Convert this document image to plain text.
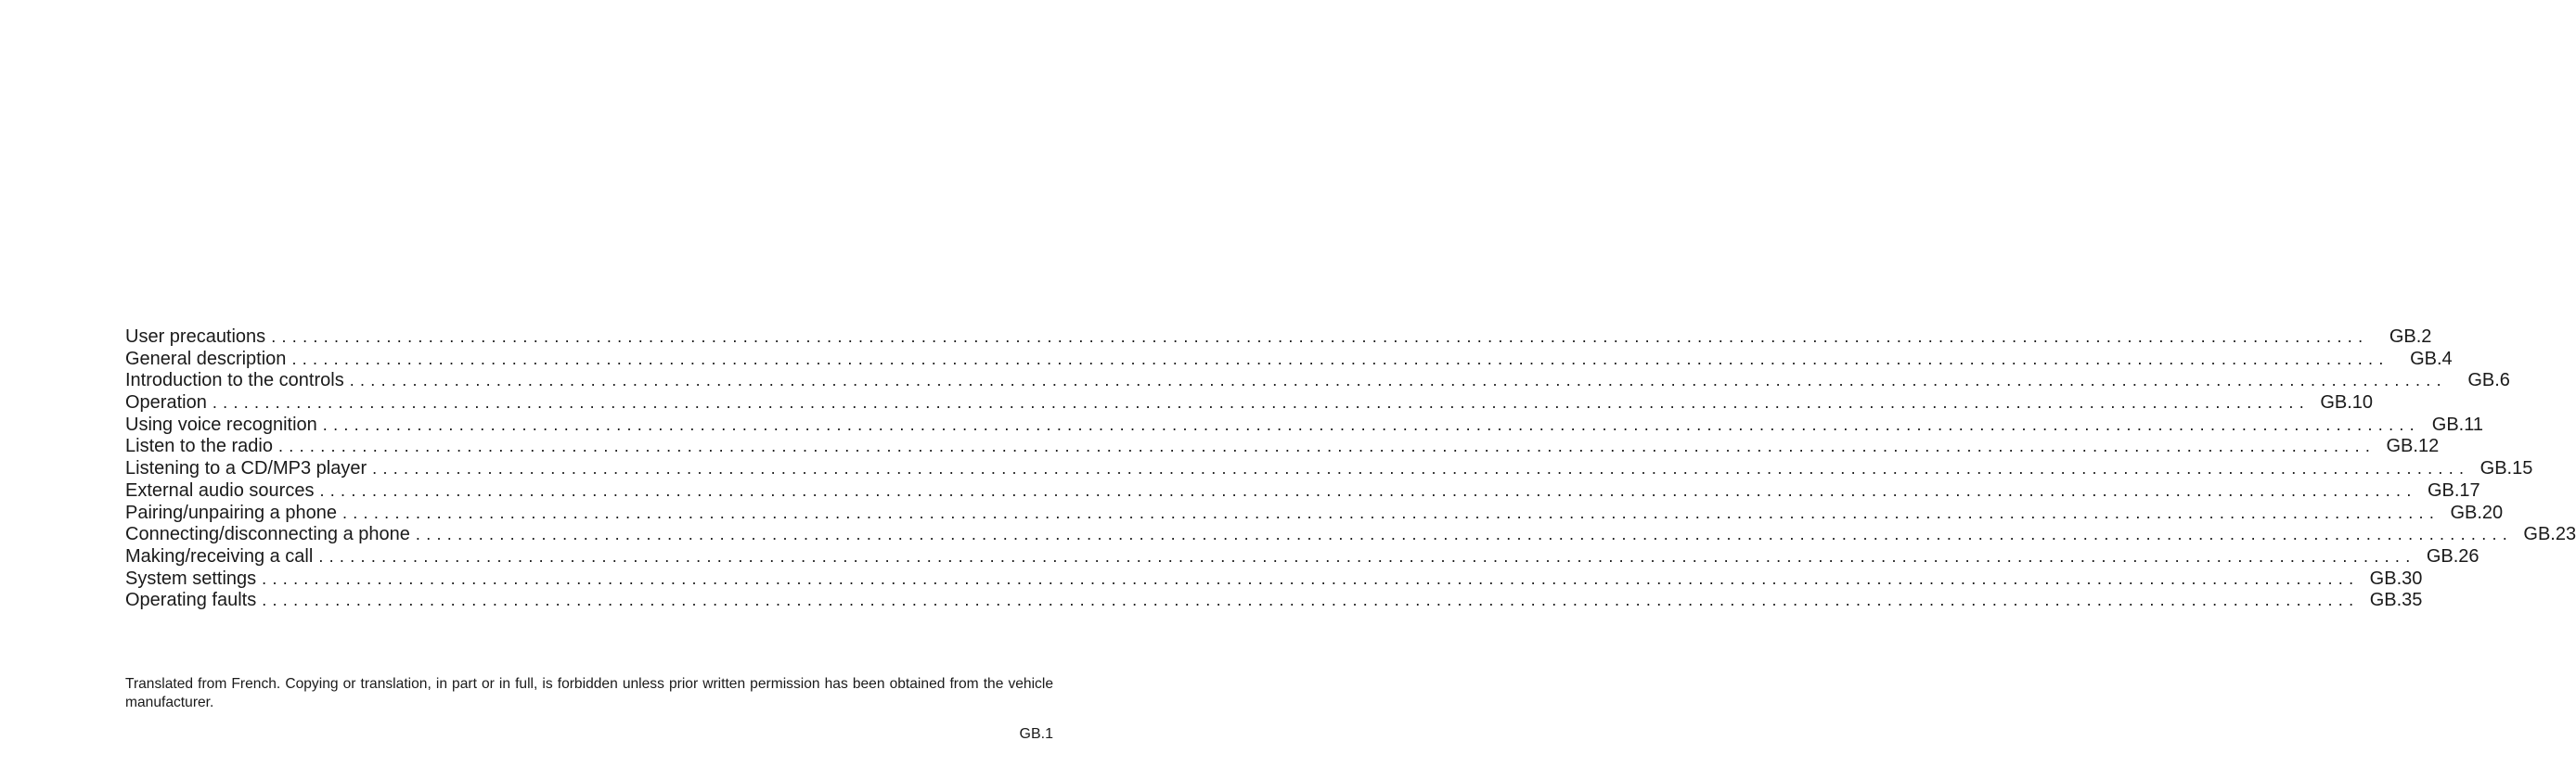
User precautions ........................................................................................................................................................................................................	GB.2
General description ........................................................................................................................................................................................................	GB.4
Introduction to the controls ........................................................................................................................................................................................................	GB.6
Operation ........................................................................................................................................................................................................ GB.10
Using voice recognition ........................................................................................................................................................................................................ GB.11
Listen to the radio ........................................................................................................................................................................................................ GB.12
Listening to a CD/MP3 player ........................................................................................................................................................................................................ GB.15
External audio sources ........................................................................................................................................................................................................ GB.17
Pairing/unpairing a phone ........................................................................................................................................................................................................ GB.20
Connecting/disconnecting a phone ........................................................................................................................................................................................................ GB.23
Making/receiving a call ........................................................................................................................................................................................................ GB.26
System settings ........................................................................................................................................................................................................ GB.30
Operating faults ........................................................................................................................................................................................................ GB.35

Translated from French. Copying or translation, in part or in full, is forbidden unless prior written permission has been obtained from the vehicle manufacturer.

GB.1
